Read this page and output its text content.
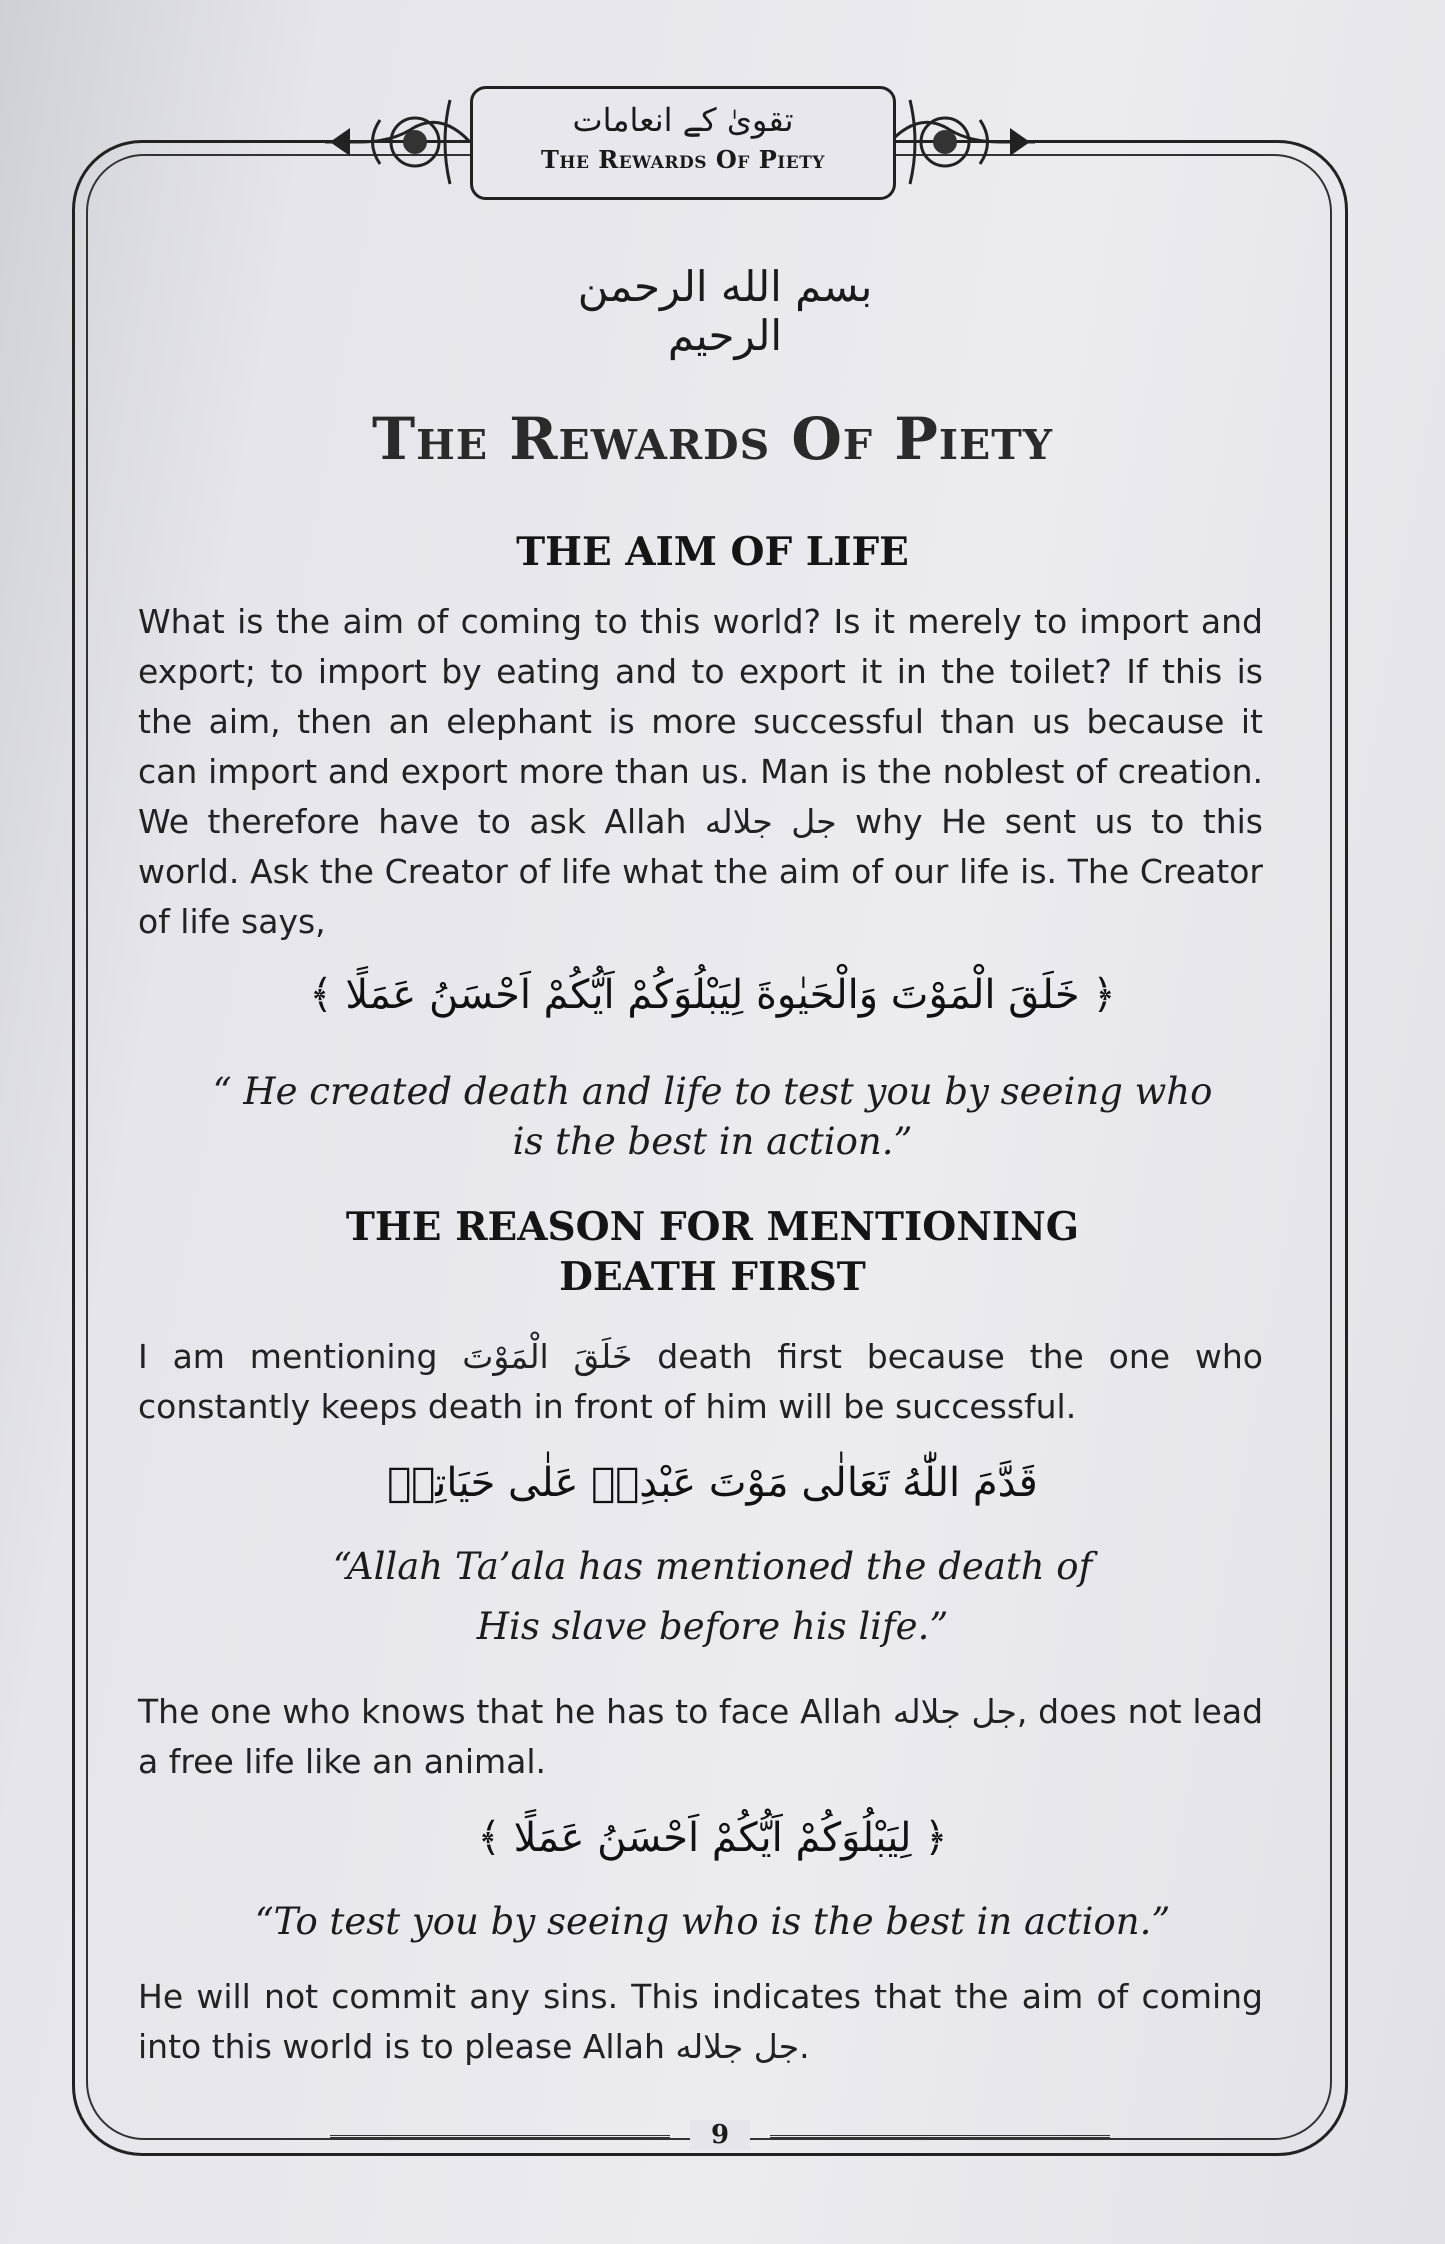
تقویٰ کے انعامات
The Rewards Of Piety
بسم الله الرحمن الرحيم
The Rewards Of Piety
THE AIM OF LIFE
What is the aim of coming to this world? Is it merely to import and export; to import by eating and to export it in the toilet? If this is the aim, then an elephant is more successful than us because it can import and export more than us. Man is the noblest of creation. We therefore have to ask Allah جل جلاله why He sent us to this world. Ask the Creator of life what the aim of our life is. The Creator of life says,
﴿ خَلَقَ الْمَوْتَ وَالْحَيٰوةَ لِيَبْلُوَكُمْ اَيُّكُمْ اَحْسَنُ عَمَلًا ﴾
“ He created death and life to test you by seeing who
is the best in action.”
THE REASON FOR MENTIONING
DEATH FIRST
I am mentioning خَلَقَ الْمَوْتَ death first because the one who constantly keeps death in front of him will be successful.
قَدَّمَ اللّٰهُ تَعَالٰى مَوْتَ عَبْدِهٖ عَلٰى حَيَاتِهٖ
“Allah Ta’ala has mentioned the death of
His slave before his life.”
The one who knows that he has to face Allah جل جلاله, does not lead a free life like an animal.
﴿ لِيَبْلُوَكُمْ اَيُّكُمْ اَحْسَنُ عَمَلًا ﴾
“To test you by seeing who is the best in action.”
He will not commit any sins. This indicates that the aim of coming into this world is to please Allah جل جلاله.
9
